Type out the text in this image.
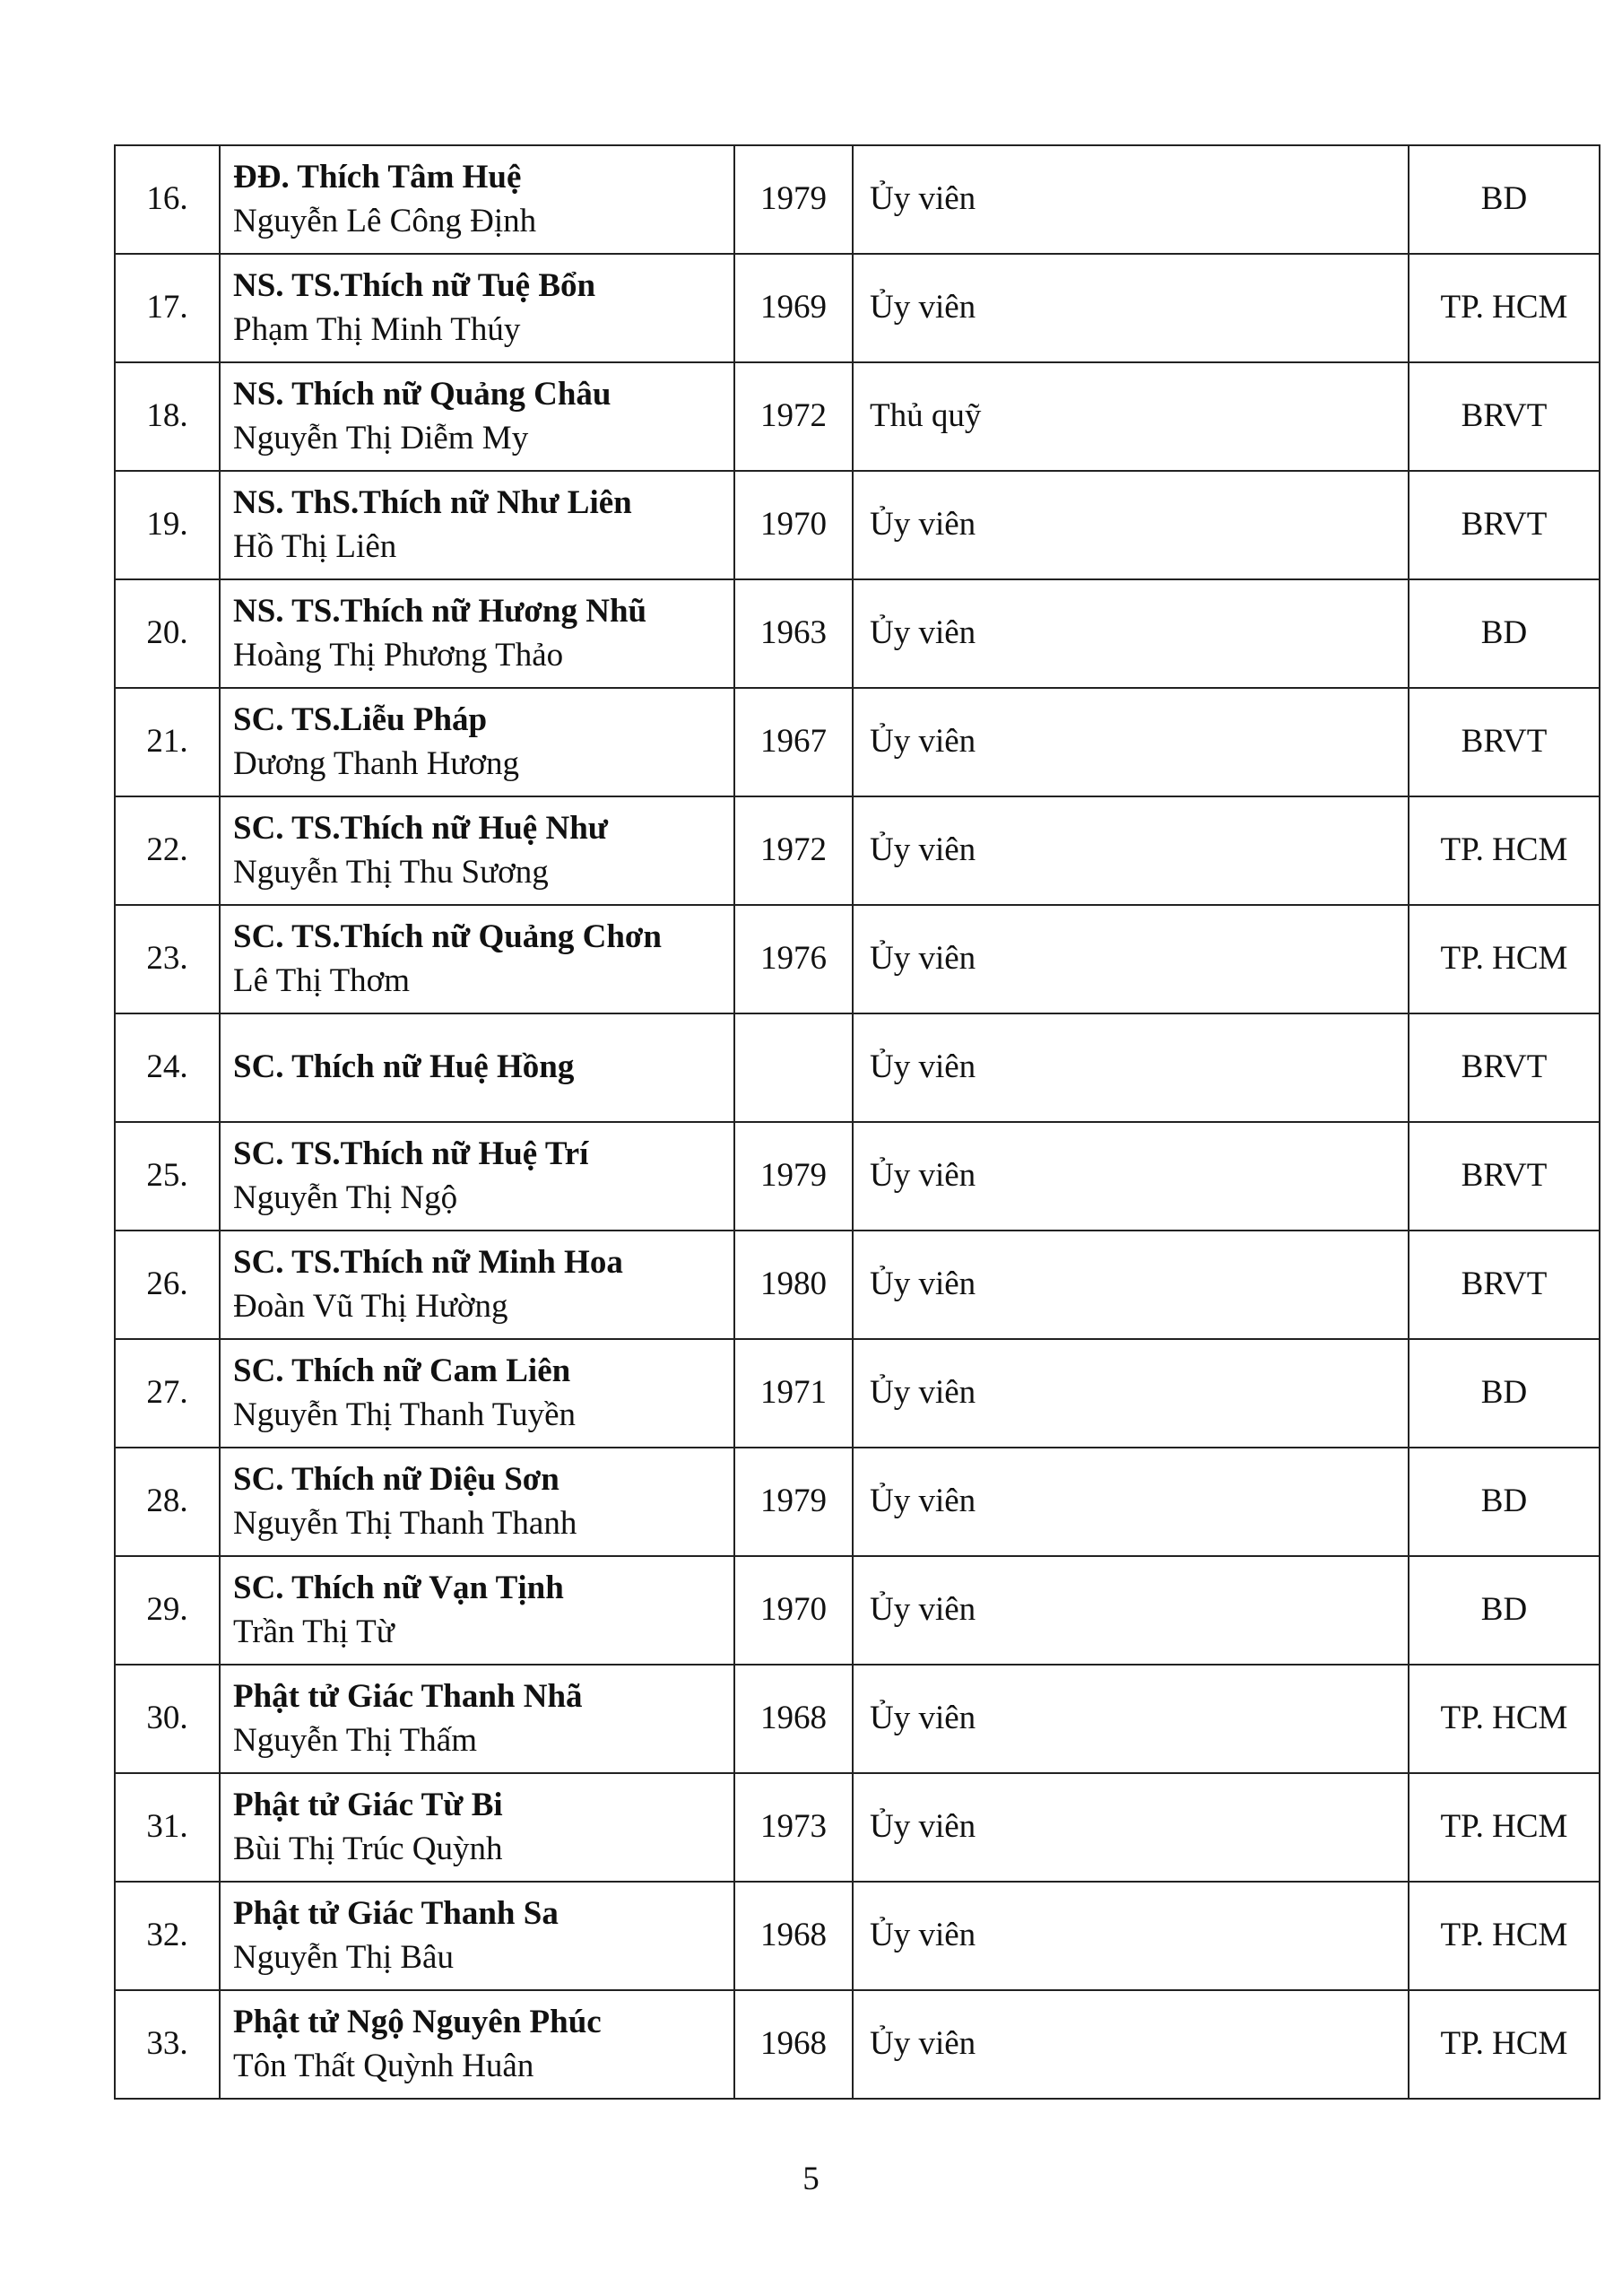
16.	ĐĐ. Thích Tâm Huệ
Nguyễn Lê Công Định	1979	Ủy viên	BD
17.	NS. TS.Thích nữ Tuệ Bổn
Phạm Thị Minh Thúy	1969	Ủy viên	TP. HCM
18.	NS. Thích nữ Quảng Châu
Nguyễn Thị Diễm My	1972	Thủ quỹ	BRVT
19.	NS. ThS.Thích nữ Như Liên
Hồ Thị Liên	1970	Ủy viên	BRVT
20.	NS. TS.Thích nữ Hương Nhũ
Hoàng Thị Phương Thảo	1963	Ủy viên	BD
21.	SC. TS.Liễu Pháp
Dương Thanh Hương	1967	Ủy viên	BRVT
22.	SC. TS.Thích nữ Huệ Như
Nguyễn Thị Thu Sương	1972	Ủy viên	TP. HCM
23.	SC. TS.Thích nữ Quảng Chơn
Lê Thị Thơm	1976	Ủy viên	TP. HCM
24.	SC. Thích nữ Huệ Hồng		Ủy viên	BRVT
25.	SC. TS.Thích nữ Huệ Trí
Nguyễn Thị Ngộ	1979	Ủy viên	BRVT
26.	SC. TS.Thích nữ Minh Hoa
Đoàn Vũ Thị Hường	1980	Ủy viên	BRVT
27.	SC. Thích nữ Cam Liên
Nguyễn Thị Thanh Tuyền	1971	Ủy viên	BD
28.	SC. Thích nữ Diệu Sơn
Nguyễn Thị Thanh Thanh	1979	Ủy viên	BD
29.	SC. Thích nữ Vạn Tịnh
Trần Thị Từ	1970	Ủy viên	BD
30.	Phật tử Giác Thanh Nhã
Nguyễn Thị Thấm	1968	Ủy viên	TP. HCM
31.	Phật tử Giác Từ Bi
Bùi Thị Trúc Quỳnh	1973	Ủy viên	TP. HCM
32.	Phật tử Giác Thanh Sa
Nguyễn Thị Bâu	1968	Ủy viên	TP. HCM
33.	Phật tử Ngộ Nguyên Phúc
Tôn Thất Quỳnh Huân	1968	Ủy viên	TP. HCM
5
